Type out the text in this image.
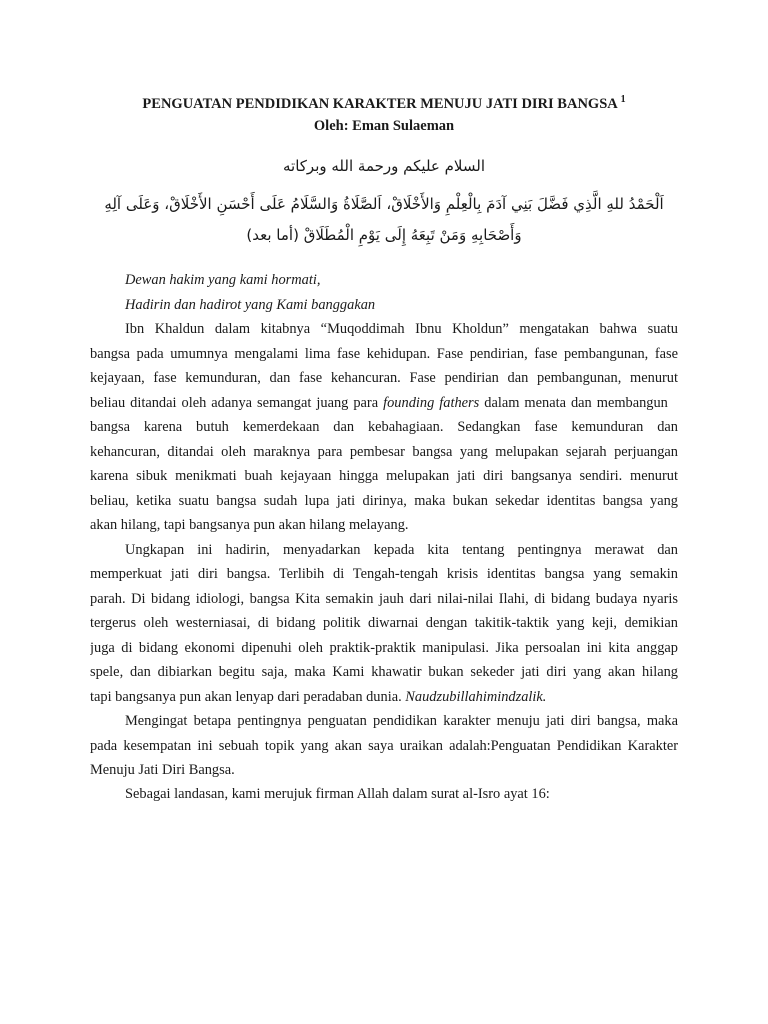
PENGUATAN PENDIDIKAN KARAKTER MENUJU JATI DIRI BANGSA $^1$
Oleh: Eman Sulaeman
السلام عليكم ورحمة الله وبركاته
اَلْحَمْدُ للهِ الَّذِي فَضَّلَ بَنِي آدَمَ بِالْعِلْمِ وَالأَخْلَاقْ، اَلصَّلَاةُ وَالسَّلَامُ عَلَى أَحْسَنِ الأَخْلَاقْ، وَعَلَى آلِهِ
وَأَصْحَابِهِ وَمَنْ تَبِعَهُ إِلَى يَوْمِ الْمُطَلَاقْ (أما بعد)
Dewan hakim yang kami hormati,
Hadirin dan hadirot yang Kami banggakan
Ibn Khaldun dalam kitabnya “Muqoddimah Ibnu Kholdun” mengatakan bahwa suatu
bangsa pada umumnya mengalami lima fase kehidupan. Fase pendirian, fase pembangunan, fase
kejayaan, fase kemunduran, dan fase kehancuran. Fase pendirian dan pembangunan, menurut
beliau ditandai oleh adanya semangat juang para founding fathers dalam menata dan membangun
bangsa karena butuh kemerdekaan dan kebahagiaan. Sedangkan fase kemunduran dan
kehancuran, ditandai oleh maraknya para pembesar bangsa yang melupakan sejarah perjuangan
karena sibuk menikmati buah kejayaan hingga melupakan jati diri bangsanya sendiri. menurut
beliau, ketika suatu bangsa sudah lupa jati dirinya, maka bukan sekedar identitas bangsa yang
akan hilang, tapi bangsanya pun akan hilang melayang.
Ungkapan ini hadirin, menyadarkan kepada kita tentang pentingnya merawat dan
memperkuat jati diri bangsa. Terlibih di Tengah-tengah krisis identitas bangsa yang semakin
parah. Di bidang idiologi, bangsa Kita semakin jauh dari nilai-nilai Ilahi, di bidang budaya nyaris
tergerus oleh westerniasai, di bidang politik diwarnai dengan takitik-taktik yang keji, demikian
juga di bidang ekonomi dipenuhi oleh praktik-praktik manipulasi. Jika persoalan ini kita anggap
spele, dan dibiarkan begitu saja, maka Kami khawatir bukan sekeder jati diri yang akan hilang
tapi bangsanya pun akan lenyap dari peradaban dunia. Naudzubillahimindzalik.
Mengingat betapa pentingnya penguatan pendidikan karakter menuju jati diri bangsa, maka
pada kesempatan ini sebuah topik yang akan saya uraikan adalah:Penguatan Pendidikan Karakter
Menuju Jati Diri Bangsa.
Sebagai landasan, kami merujuk firman Allah dalam surat al-Isro ayat 16:
